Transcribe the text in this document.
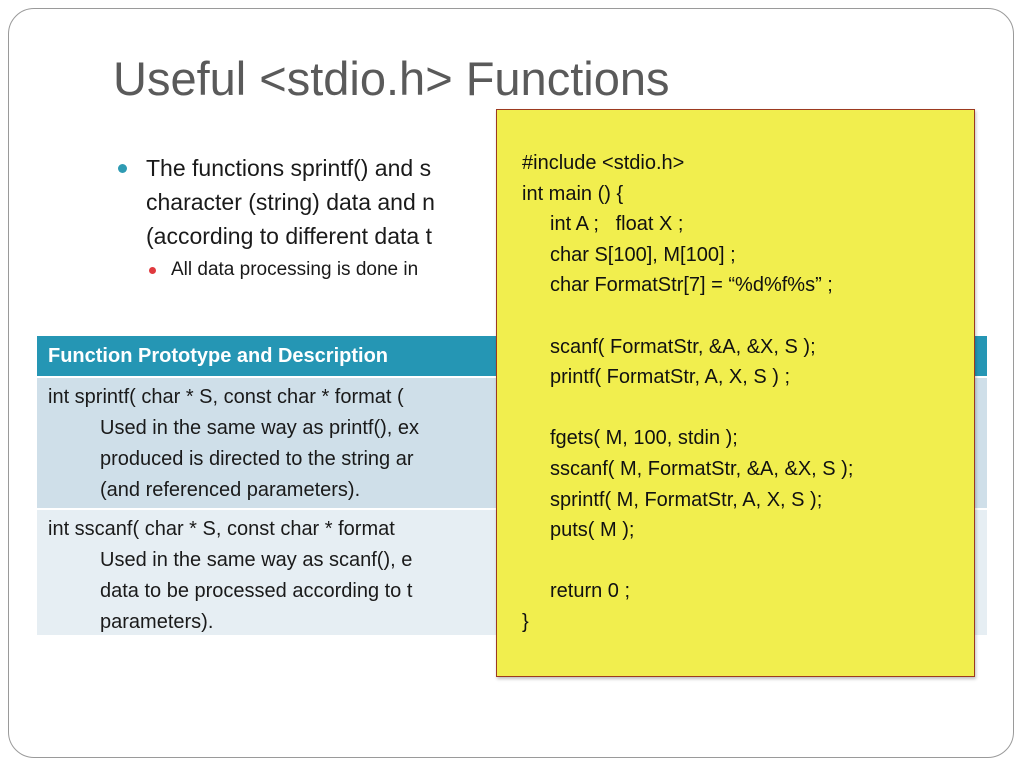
Useful <stdio.h> Functions
The functions sprintf() and s
character (string) data and n
(according to different data t
All data processing is done in
Function Prototype and Description
int sprintf( char * S, const char * format (
Used in the same way as printf(), ex
produced is directed to the string ar
(and referenced parameters).
int sscanf( char * S, const char * format
Used in the same way as scanf(), e
data to be processed according to t
parameters).
#include <stdio.h>
int main () {
int A ;   float X ;
char S[100], M[100] ;
char FormatStr[7] = “%d%f%s” ;
scanf( FormatStr, &A, &X, S );
printf( FormatStr, A, X, S ) ;
fgets( M, 100, stdin );
sscanf( M, FormatStr, &A, &X, S );
sprintf( M, FormatStr, A, X, S );
puts( M );
return 0 ;
}
